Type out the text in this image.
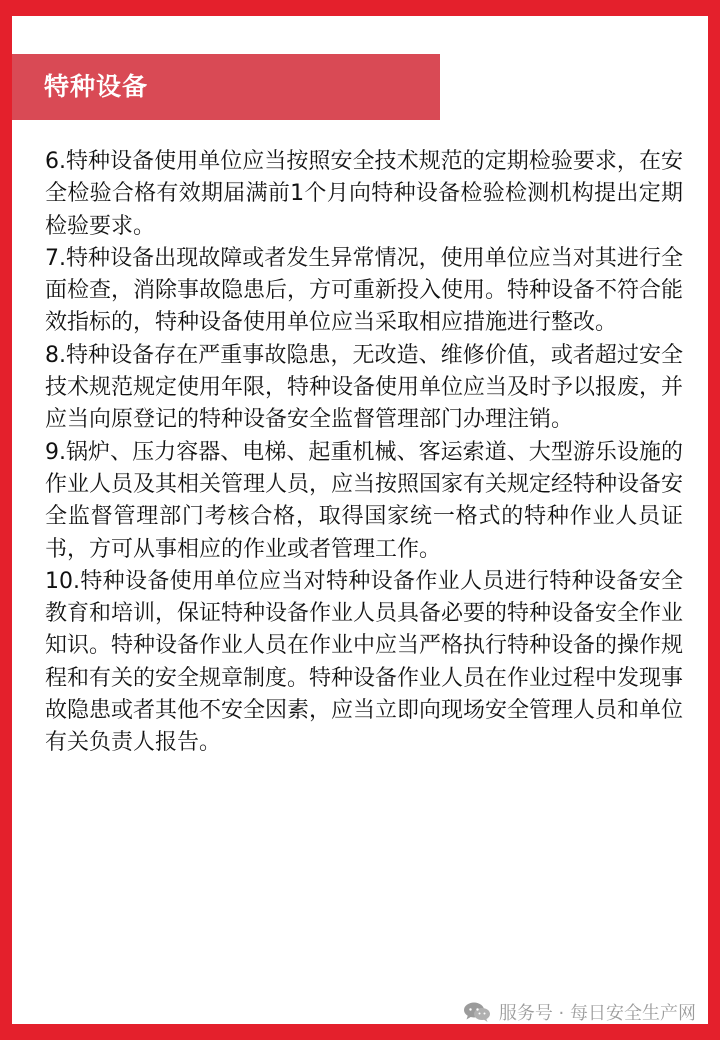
特种设备

6.特种设备使用单位应当按照安全技术规范的定期检验要求，在安全检验合格有效期届满前1个月向特种设备检验检测机构提出定期检验要求。

7.特种设备出现故障或者发生异常情况，使用单位应当对其进行全面检查，消除事故隐患后，方可重新投入使用。特种设备不符合能效指标的，特种设备使用单位应当采取相应措施进行整改。

8.特种设备存在严重事故隐患，无改造、维修价值，或者超过安全技术规范规定使用年限，特种设备使用单位应当及时予以报废，并应当向原登记的特种设备安全监督管理部门办理注销。

9.锅炉、压力容器、电梯、起重机械、客运索道、大型游乐设施的作业人员及其相关管理人员，应当按照国家有关规定经特种设备安全监督管理部门考核合格，取得国家统一格式的特种作业人员证书，方可从事相应的作业或者管理工作。

10.特种设备使用单位应当对特种设备作业人员进行特种设备安全教育和培训，保证特种设备作业人员具备必要的特种设备安全作业知识。特种设备作业人员在作业中应当严格执行特种设备的操作规程和有关的安全规章制度。特种设备作业人员在作业过程中发现事故隐患或者其他不安全因素，应当立即向现场安全管理人员和单位有关负责人报告。

服务号 · 每日安全生产网
